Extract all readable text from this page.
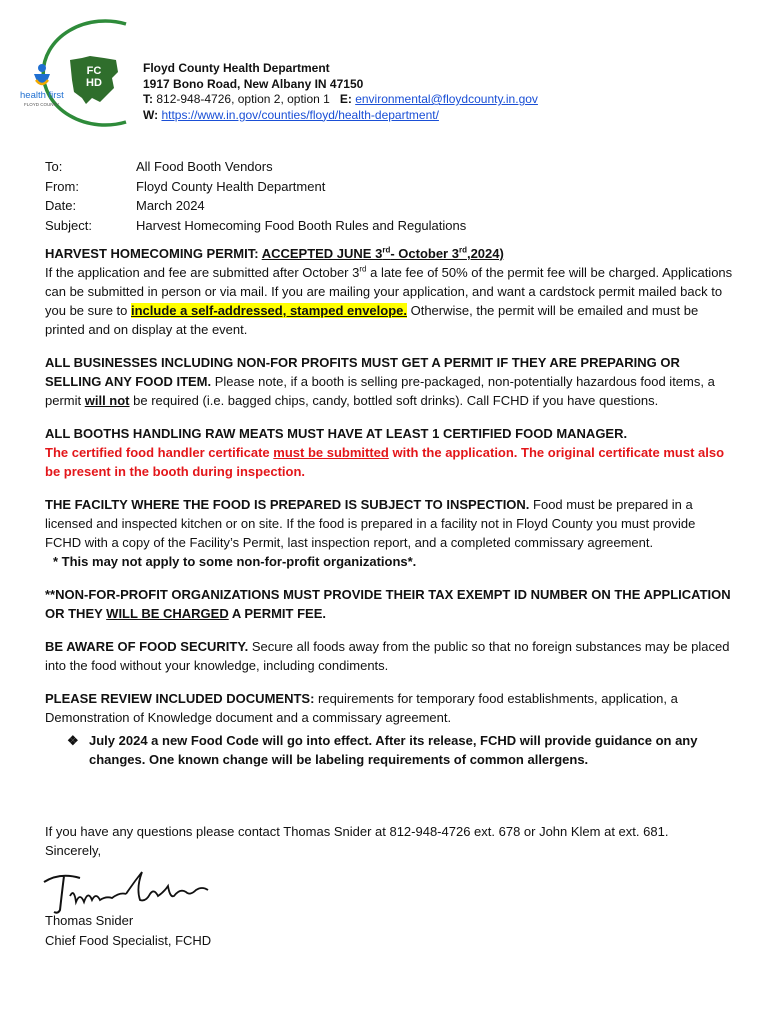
health first
FLOYD COUNTY
FC
HD
Floyd County Health Department
1917 Bono Road, New Albany IN 47150
T: 812-948-4726, option 2, option 1 E: environmental@floydcounty.in.gov
W: https://www.in.gov/counties/floyd/health-department/
To:	All Food Booth Vendors
From:	Floyd County Health Department
Date:	March 2024
Subject:	Harvest Homecoming Food Booth Rules and Regulations

HARVEST HOMECOMING PERMIT: ACCEPTED JUNE 3rd- October 3rd,2024)
If the application and fee are submitted after October 3rd a late fee of 50% of the permit fee will be charged. Applications can be submitted in person or via mail. If you are mailing your application, and want a cardstock permit mailed back to you be sure to include a self-addressed, stamped envelope. Otherwise, the permit will be emailed and must be printed and on display at the event.

ALL BUSINESSES INCLUDING NON-FOR PROFITS MUST GET A PERMIT IF THEY ARE PREPARING OR SELLING ANY FOOD ITEM. Please note, if a booth is selling pre-packaged, non-potentially hazardous food items, a permit will not be required (i.e. bagged chips, candy, bottled soft drinks). Call FCHD if you have questions.

ALL BOOTHS HANDLING RAW MEATS MUST HAVE AT LEAST 1 CERTIFIED FOOD MANAGER.
The certified food handler certificate must be submitted with the application. The original certificate must also be present in the booth during inspection.

THE FACILTY WHERE THE FOOD IS PREPARED IS SUBJECT TO INSPECTION. Food must be prepared in a licensed and inspected kitchen or on site. If the food is prepared in a facility not in Floyd County you must provide FCHD with a copy of the Facility’s Permit, last inspection report, and a completed commissary agreement.
* This may not apply to some non-for-profit organizations*.

**NON-FOR-PROFIT ORGANIZATIONS MUST PROVIDE THEIR TAX EXEMPT ID NUMBER ON THE APPLICATION OR THEY WILL BE CHARGED A PERMIT FEE.

BE AWARE OF FOOD SECURITY. Secure all foods away from the public so that no foreign substances may be placed into the food without your knowledge, including condiments.

PLEASE REVIEW INCLUDED DOCUMENTS: requirements for temporary food establishments, application, a Demonstration of Knowledge document and a commissary agreement.

❖ July 2024 a new Food Code will go into effect. After its release, FCHD will provide guidance on any changes. One known change will be labeling requirements of common allergens.
If you have any questions please contact Thomas Snider at 812-948-4726 ext. 678 or John Klem at ext. 681.
Sincerely,
Thomas Snider
Chief Food Specialist, FCHD
